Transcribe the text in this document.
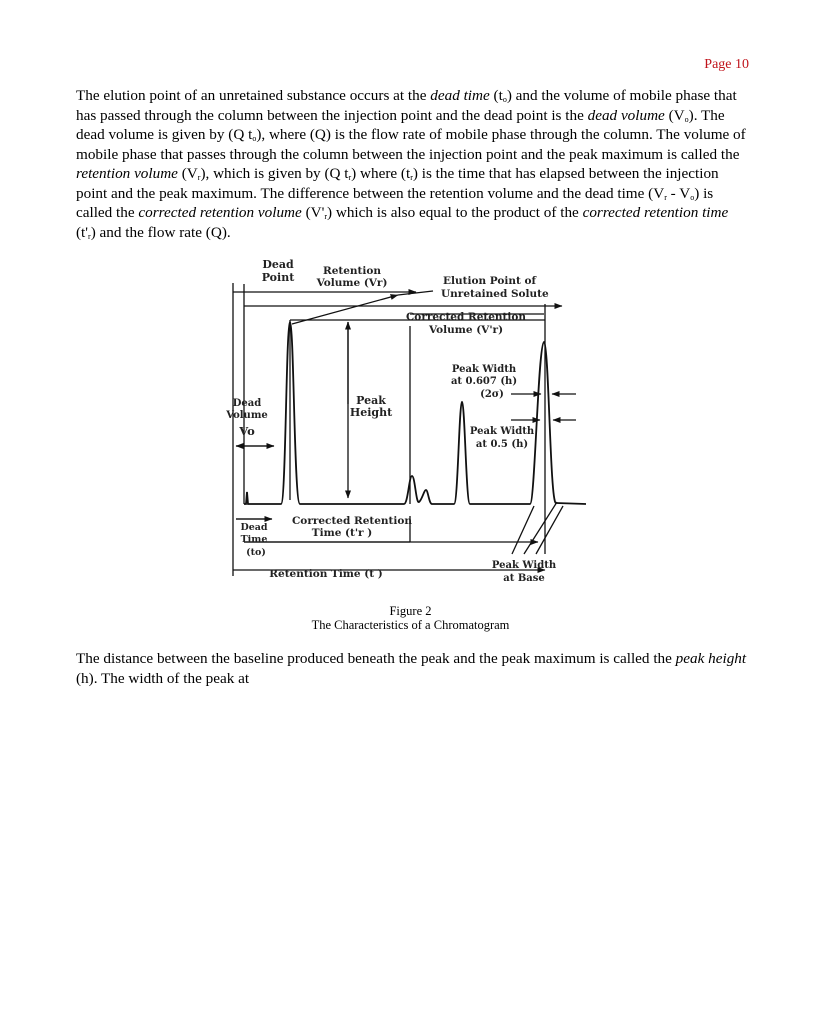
Page 10

The elution point of an unretained substance occurs at the dead time $(t_o)$ and the volume of mobile phase that has passed through the column between the injection point and the dead point is the dead volume $(V_o)$. The dead volume is given by (Q $t_o$), where (Q) is the flow rate of mobile phase through the column. The volume of mobile phase that passes through the column between the injection point and the peak maximum is called the retention volume $(V_r)$, which is given by (Q $t_r$) where $(t_r)$ is the time that has elapsed between the injection point and the peak maximum. The difference between the retention volume and the dead time $(V_r - V_o)$ is called the corrected retention volume $(V'_r)$ which is also equal to the product of the corrected retention time $(t'_r)$ and the flow rate (Q).

Dead Point	Retention Volume (Vr)	Elution Point of Unretained Solute
Corrected Retention Volume (V'r)
Peak Width at 0.607 (h) (2σ)
Dead Volume Vo
Peak Height
Peak Width at 0.5 (h)
Dead Time (to)
Corrected Retention Time (t'r )
Peak Width at Base
Retention Time (t )
Figure 2
The Characteristics of a Chromatogram

The distance between the baseline produced beneath the peak and the peak maximum is called the peak height (h). The width of the peak at
